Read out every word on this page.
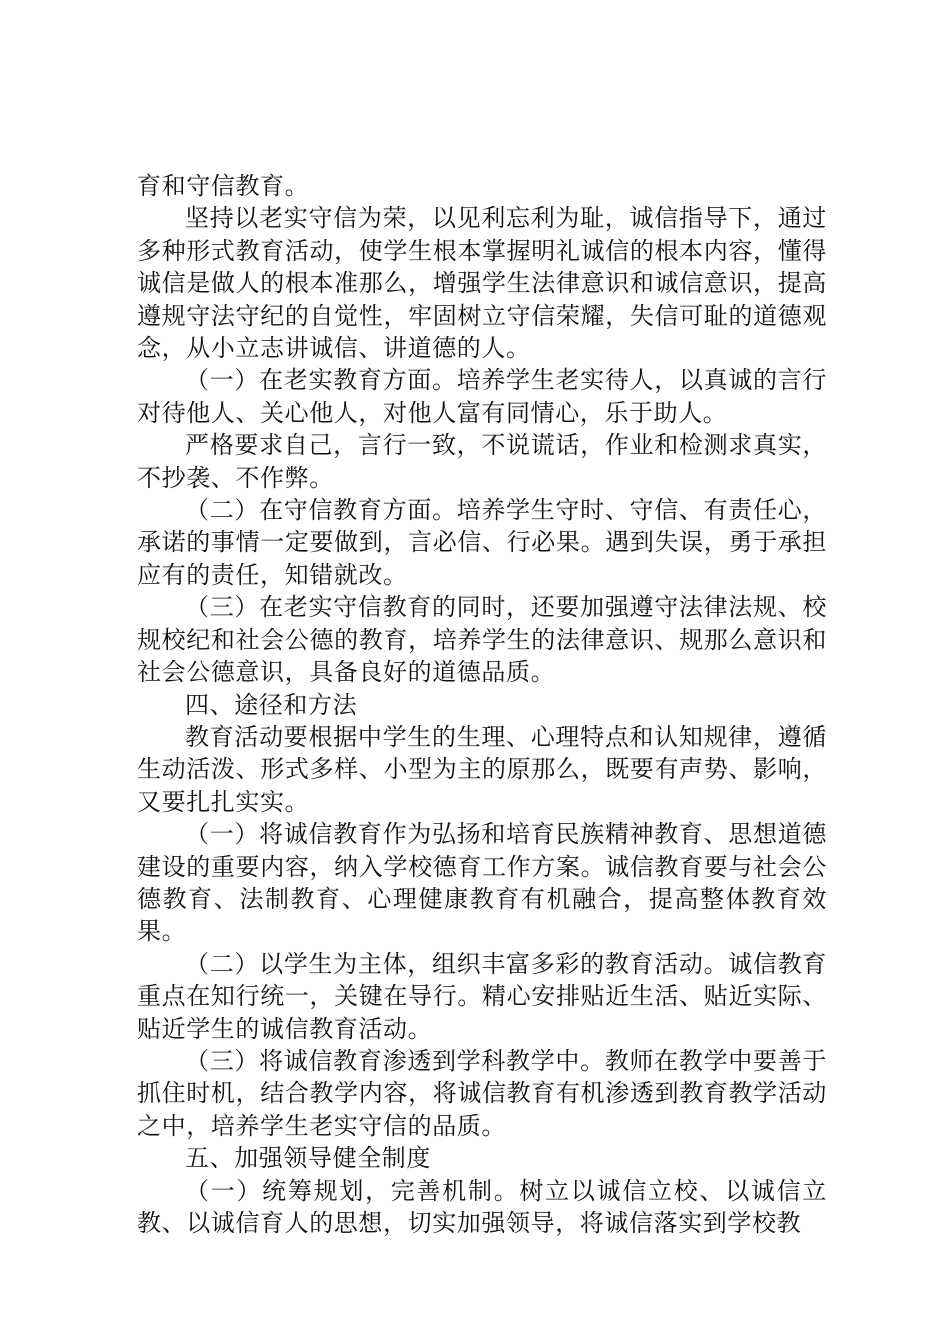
育和守信教育。

坚持以老实守信为荣，以见利忘利为耻，诚信指导下，通过多种形式教育活动，使学生根本掌握明礼诚信的根本内容，懂得诚信是做人的根本准那么，增强学生法律意识和诚信意识，提高遵规守法守纪的自觉性，牢固树立守信荣耀，失信可耻的道德观念，从小立志讲诚信、讲道德的人。

（一）在老实教育方面。培养学生老实待人，以真诚的言行对待他人、关心他人，对他人富有同情心，乐于助人。

严格要求自己，言行一致，不说谎话，作业和检测求真实，不抄袭、不作弊。

（二）在守信教育方面。培养学生守时、守信、有责任心，承诺的事情一定要做到，言必信、行必果。遇到失误，勇于承担应有的责任，知错就改。

（三）在老实守信教育的同时，还要加强遵守法律法规、校规校纪和社会公德的教育，培养学生的法律意识、规那么意识和社会公德意识，具备良好的道德品质。

四、途径和方法

教育活动要根据中学生的生理、心理特点和认知规律，遵循生动活泼、形式多样、小型为主的原那么，既要有声势、影响，又要扎扎实实。

（一）将诚信教育作为弘扬和培育民族精神教育、思想道德建设的重要内容，纳入学校德育工作方案。诚信教育要与社会公德教育、法制教育、心理健康教育有机融合，提高整体教育效果。

（二）以学生为主体，组织丰富多彩的教育活动。诚信教育重点在知行统一，关键在导行。精心安排贴近生活、贴近实际、贴近学生的诚信教育活动。

（三）将诚信教育渗透到学科教学中。教师在教学中要善于抓住时机，结合教学内容，将诚信教育有机渗透到教育教学活动之中，培养学生老实守信的品质。

五、加强领导健全制度

（一）统筹规划，完善机制。树立以诚信立校、以诚信立教、以诚信育人的思想，切实加强领导，将诚信落实到学校教
